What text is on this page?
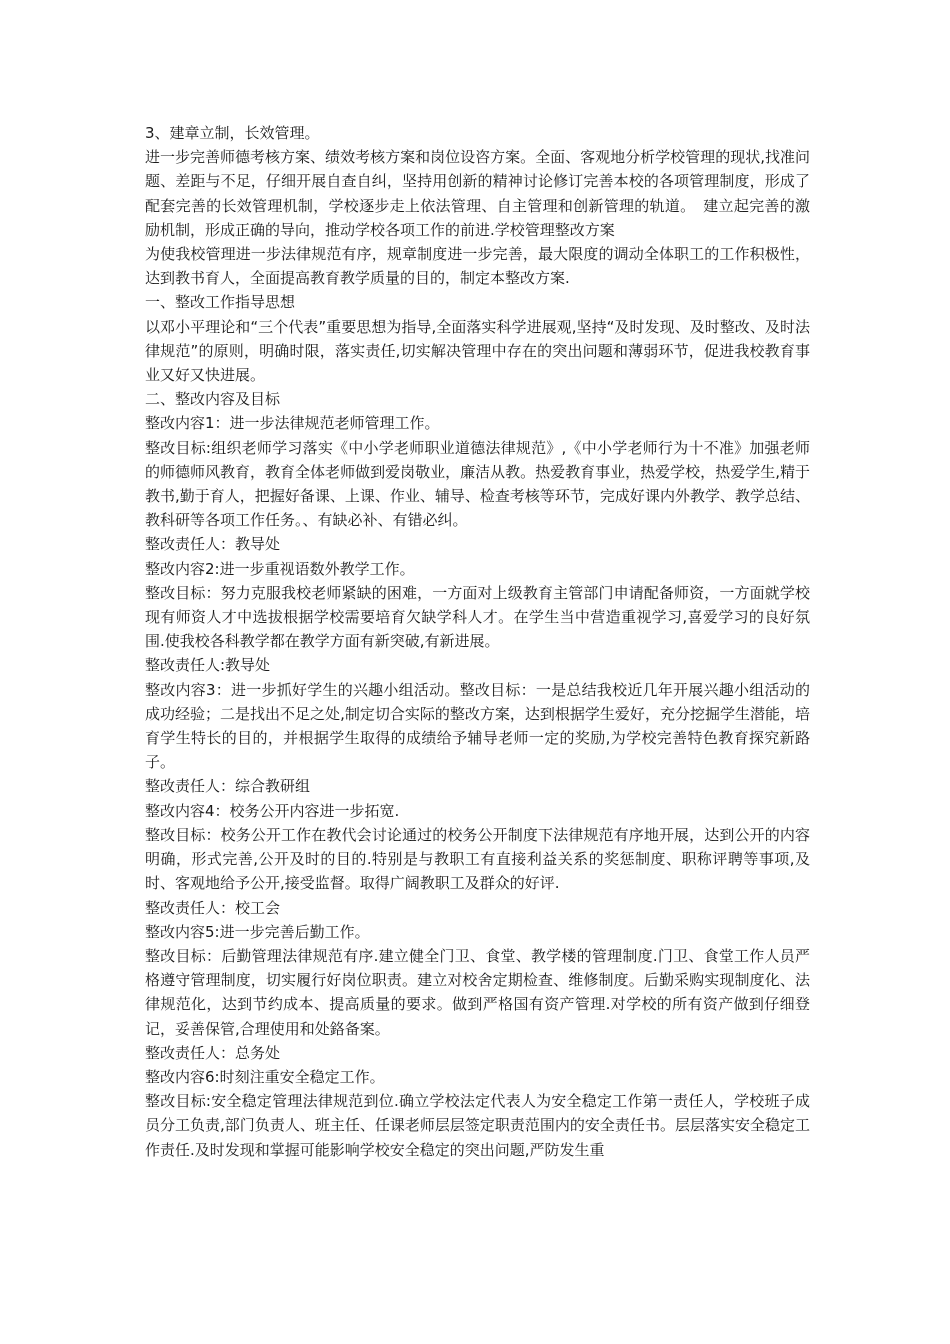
3、建章立制，长效管理。

进一步完善师德考核方案、绩效考核方案和岗位设咨方案。全面、客观地分析学校管理的现状,找准问题、差距与不足，仔细开展自查自纠，坚持用创新的精神讨论修订完善本校的各项管理制度，形成了配套完善的长效管理机制，学校逐步走上依法管理、自主管理和创新管理的轨道。　建立起完善的激励机制，形成正确的导向，推动学校各项工作的前进.学校管理整改方案

为使我校管理进一步法律规范有序，规章制度进一步完善，最大限度的调动全体职工的工作积极性，达到教书育人，全面提高教育教学质量的目的，制定本整改方案.

一、整改工作指导思想

以邓小平理论和“三个代表”重要思想为指导,全面落实科学进展观,坚持“及时发现、及时整改、及时法律规范”的原则，明确时限，落实责任,切实解决管理中存在的突出问题和薄弱环节，促进我校教育事业又好又快进展。

二、整改内容及目标

整改内容1：进一步法律规范老师管理工作。

整改目标:组织老师学习落实《中小学老师职业道德法律规范》,《中小学老师行为十不准》加强老师的师德师风教育，教育全体老师做到爱岗敬业，廉洁从教。热爱教育事业，热爱学校，热爱学生,精于教书,勤于育人，把握好备课、上课、作业、辅导、检查考核等环节，完成好课内外教学、教学总结、教科研等各项工作任务。、有缺必补、有错必纠。

整改责任人：教导处

整改内容2:进一步重视语数外教学工作。

整改目标：努力克服我校老师紧缺的困难，一方面对上级教育主管部门申请配备师资，一方面就学校现有师资人才中选拔根据学校需要培育欠缺学科人才。在学生当中营造重视学习,喜爱学习的良好氛围.使我校各科教学都在教学方面有新突破,有新进展。

整改责任人:教导处

整改内容3：进一步抓好学生的兴趣小组活动。整改目标：一是总结我校近几年开展兴趣小组活动的成功经验；二是找出不足之处,制定切合实际的整改方案，达到根据学生爱好，充分挖掘学生潜能，培育学生特长的目的，并根据学生取得的成绩给予辅导老师一定的奖励,为学校完善特色教育探究新路子。

整改责任人：综合教研组

整改内容4：校务公开内容进一步拓宽.

整改目标：校务公开工作在教代会讨论通过的校务公开制度下法律规范有序地开展，达到公开的内容明确，形式完善,公开及时的目的.特别是与教职工有直接利益关系的奖惩制度、职称评聘等事项,及时、客观地给予公开,接受监督。取得广阔教职工及群众的好评.

整改责任人：校工会

整改内容5:进一步完善后勤工作。

整改目标：后勤管理法律规范有序.建立健全门卫、食堂、教学楼的管理制度.门卫、食堂工作人员严格遵守管理制度，切实履行好岗位职责。建立对校舍定期检查、维修制度。后勤采购实现制度化、法律规范化，达到节约成本、提高质量的要求。做到严格国有资产管理.对学校的所有资产做到仔细登记，妥善保管,合理使用和处鉻备案。

整改责任人：总务处

整改内容6:时刻注重安全稳定工作。

整改目标:安全稳定管理法律规范到位.确立学校法定代表人为安全稳定工作第一责任人，学校班子成员分工负责,部门负责人、班主任、任课老师层层签定职责范围内的安全责任书。层层落实安全稳定工作责任.及时发现和掌握可能影响学校安全稳定的突出问题,严防发生重
